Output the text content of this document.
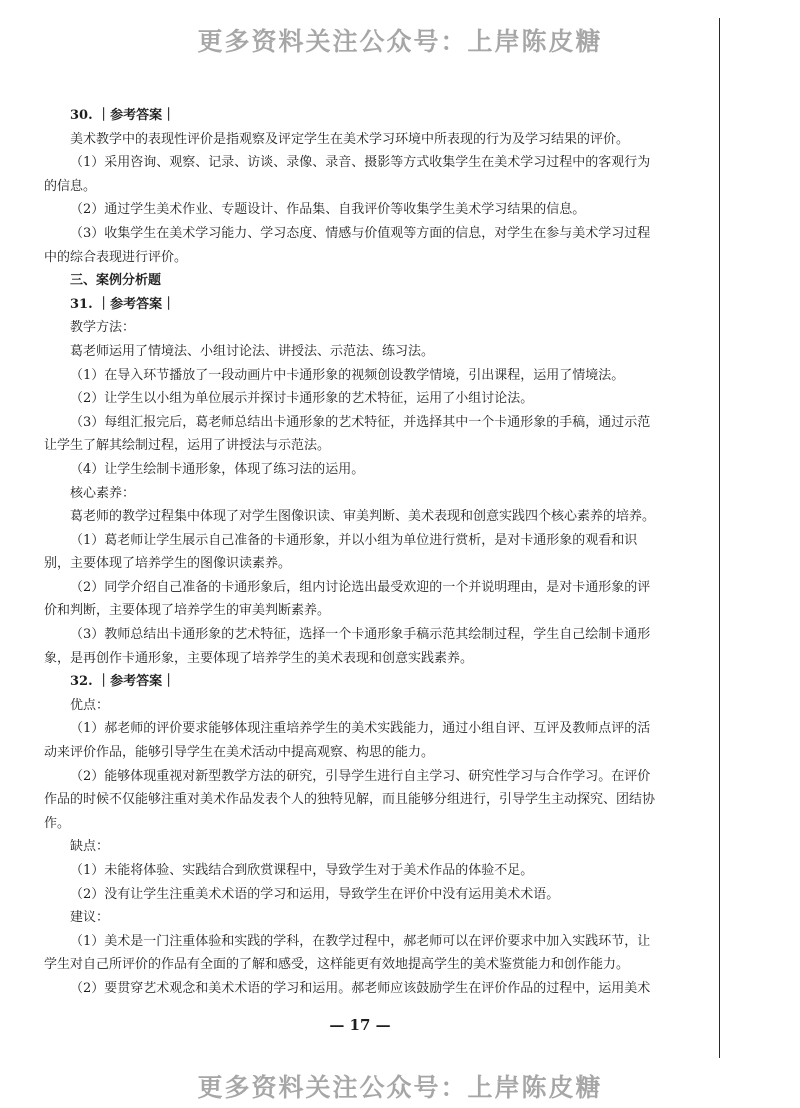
更多资料关注公众号：上岸陈皮糖

30. ｜参考答案｜

美术教学中的表现性评价是指观察及评定学生在美术学习环境中所表现的行为及学习结果的评价。

（1）采用咨询、观察、记录、访谈、录像、录音、摄影等方式收集学生在美术学习过程中的客观行为的信息。

（2）通过学生美术作业、专题设计、作品集、自我评价等收集学生美术学习结果的信息。

（3）收集学生在美术学习能力、学习态度、情感与价值观等方面的信息，对学生在参与美术学习过程中的综合表现进行评价。

三、案例分析题

31. ｜参考答案｜

教学方法：

葛老师运用了情境法、小组讨论法、讲授法、示范法、练习法。

（1）在导入环节播放了一段动画片中卡通形象的视频创设教学情境，引出课程，运用了情境法。

（2）让学生以小组为单位展示并探讨卡通形象的艺术特征，运用了小组讨论法。

（3）每组汇报完后，葛老师总结出卡通形象的艺术特征，并选择其中一个卡通形象的手稿，通过示范让学生了解其绘制过程，运用了讲授法与示范法。

（4）让学生绘制卡通形象，体现了练习法的运用。

核心素养：

葛老师的教学过程集中体现了对学生图像识读、审美判断、美术表现和创意实践四个核心素养的培养。

（1）葛老师让学生展示自己准备的卡通形象，并以小组为单位进行赏析，是对卡通形象的观看和识别，主要体现了培养学生的图像识读素养。

（2）同学介绍自己准备的卡通形象后，组内讨论选出最受欢迎的一个并说明理由，是对卡通形象的评价和判断，主要体现了培养学生的审美判断素养。

（3）教师总结出卡通形象的艺术特征，选择一个卡通形象手稿示范其绘制过程，学生自己绘制卡通形象，是再创作卡通形象，主要体现了培养学生的美术表现和创意实践素养。

32. ｜参考答案｜

优点：

（1）郝老师的评价要求能够体现注重培养学生的美术实践能力，通过小组自评、互评及教师点评的活动来评价作品，能够引导学生在美术活动中提高观察、构思的能力。

（2）能够体现重视对新型教学方法的研究，引导学生进行自主学习、研究性学习与合作学习。在评价作品的时候不仅能够注重对美术作品发表个人的独特见解，而且能够分组进行，引导学生主动探究、团结协作。

缺点：

（1）未能将体验、实践结合到欣赏课程中，导致学生对于美术作品的体验不足。

（2）没有让学生注重美术术语的学习和运用，导致学生在评价中没有运用美术术语。

建议：

（1）美术是一门注重体验和实践的学科，在教学过程中，郝老师可以在评价要求中加入实践环节，让学生对自己所评价的作品有全面的了解和感受，这样能更有效地提高学生的美术鉴赏能力和创作能力。

（2）要贯穿艺术观念和美术术语的学习和运用。郝老师应该鼓励学生在评价作品的过程中，运用美术

— 17 —
更多资料关注公众号：上岸陈皮糖
